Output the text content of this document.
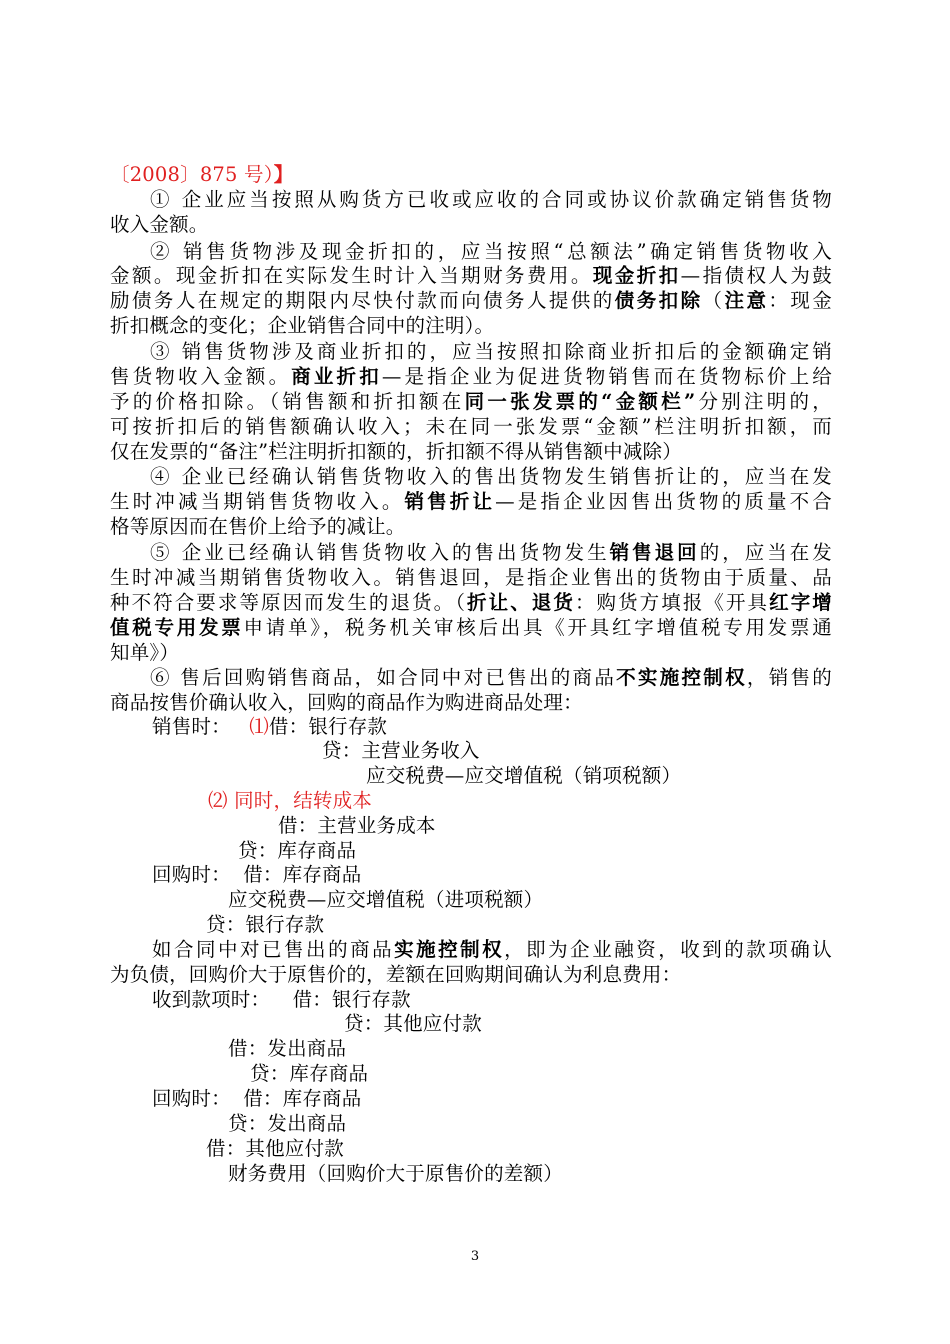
〔2008〕875 号）】
① 企业应当按照从购货方已收或应收的合同或协议价款确定销售货物
收入金额。
② 销售货物涉及现金折扣的，应当按照“总额法”确定销售货物收入
金额。现金折扣在实际发生时计入当期财务费用。现金折扣—指债权人为鼓
励债务人在规定的期限内尽快付款而向债务人提供的债务扣除（注意：现金
折扣概念的变化；企业销售合同中的注明）。
③ 销售货物涉及商业折扣的，应当按照扣除商业折扣后的金额确定销
售货物收入金额。商业折扣—是指企业为促进货物销售而在货物标价上给
予的价格扣除。（销售额和折扣额在同一张发票的“金额栏”分别注明的，
可按折扣后的销售额确认收入；未在同一张发票“金额”栏注明折扣额，而
仅在发票的“备注”栏注明折扣额的，折扣额不得从销售额中减除）
④ 企业已经确认销售货物收入的售出货物发生销售折让的，应当在发
生时冲减当期销售货物收入。销售折让—是指企业因售出货物的质量不合
格等原因而在售价上给予的减让。
⑤ 企业已经确认销售货物收入的售出货物发生销售退回的，应当在发
生时冲减当期销售货物收入。销售退回，是指企业售出的货物由于质量、品
种不符合要求等原因而发生的退货。（折让、退货：购货方填报《开具红字增
值税专用发票申请单》，税务机关审核后出具《开具红字增值税专用发票通
知单》）
⑥ 售后回购销售商品，如合同中对已售出的商品不实施控制权，销售的
商品按售价确认收入，回购的商品作为购进商品处理：
销售时： ⑴借：银行存款
贷：主营业务收入
应交税费—应交增值税（销项税额）
⑵ 同时，结转成本
借：主营业务成本
贷：库存商品
回购时： 借：库存商品
应交税费—应交增值税（进项税额）
贷：银行存款
如合同中对已售出的商品实施控制权，即为企业融资，收到的款项确认
为负债，回购价大于原售价的，差额在回购期间确认为利息费用：
收到款项时： 借：银行存款
贷：其他应付款
借：发出商品
贷：库存商品
回购时： 借：库存商品
贷：发出商品
借：其他应付款
财务费用（回购价大于原售价的差额）
3
